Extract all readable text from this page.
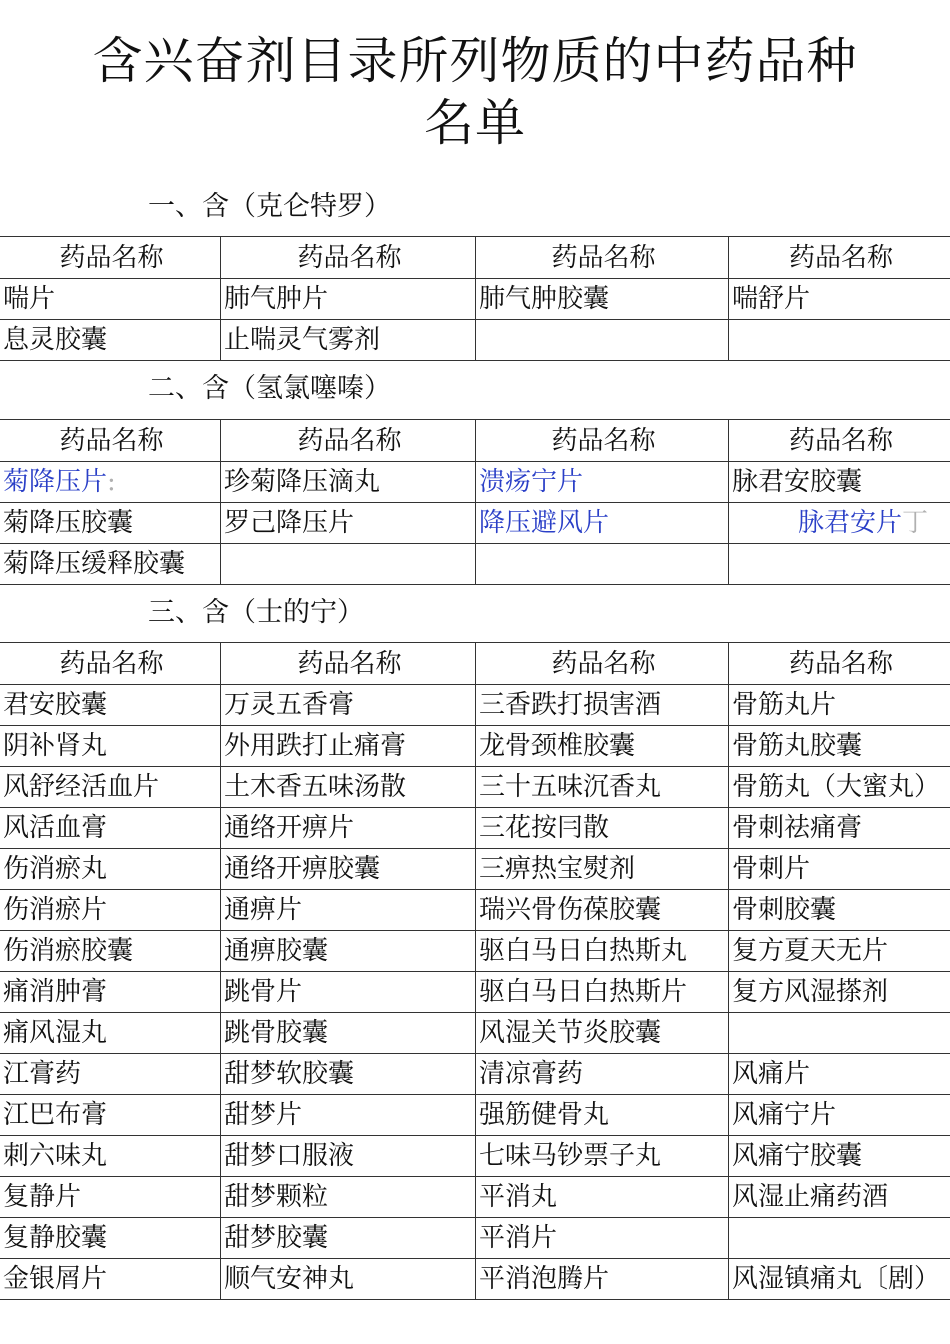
含兴奋剂目录所列物质的中药品种
名单
一、含（克仑特罗）
药品名称	药品名称	药品名称	药品名称
喘片	肺气肿片	肺气肿胶囊	喘舒片
息灵胶囊	止喘灵气雾剂		
二、含（氢氯噻嗪）
药品名称	药品名称	药品名称	药品名称
菊降压片:	珍菊降压滴丸	溃疡宁片	脉君安胶囊
菊降压胶囊	罗己降压片	降压避风片	脉君安片丁
菊降压缓释胶囊			
三、含（士的宁）
药品名称	药品名称	药品名称	药品名称
君安胶囊	万灵五香膏	三香跌打损害酒	骨筋丸片
阴补肾丸	外用跌打止痛膏	龙骨颈椎胶囊	骨筋丸胶囊
风舒经活血片	土木香五味汤散	三十五味沉香丸	骨筋丸（大蜜丸）
风活血膏	通络开痹片	三花按冃散	骨刺祛痛膏
伤消瘀丸	通络开痹胶囊	三痹热宝熨剂	骨刺片
伤消瘀片	通痹片	瑞兴骨伤葆胶囊	骨刺胶囊
伤消瘀胶囊	通痹胶囊	驱白马日白热斯丸	复方夏天无片
痛消肿膏	跳骨片	驱白马日白热斯片	复方风湿搽剂
痛风湿丸	跳骨胶囊	风湿关节炎胶囊	
江膏药	甜梦软胶囊	清凉膏药	风痛片
江巴布膏	甜梦片	强筋健骨丸	风痛宁片
刺六味丸	甜梦口服液	七味马钞票子丸	风痛宁胶囊
复静片	甜梦颗粒	平消丸	风湿止痛药酒
复静胶囊	甜梦胶囊	平消片	
金银屑片	顺气安神丸	平消泡腾片	风湿镇痛丸〔剧）
